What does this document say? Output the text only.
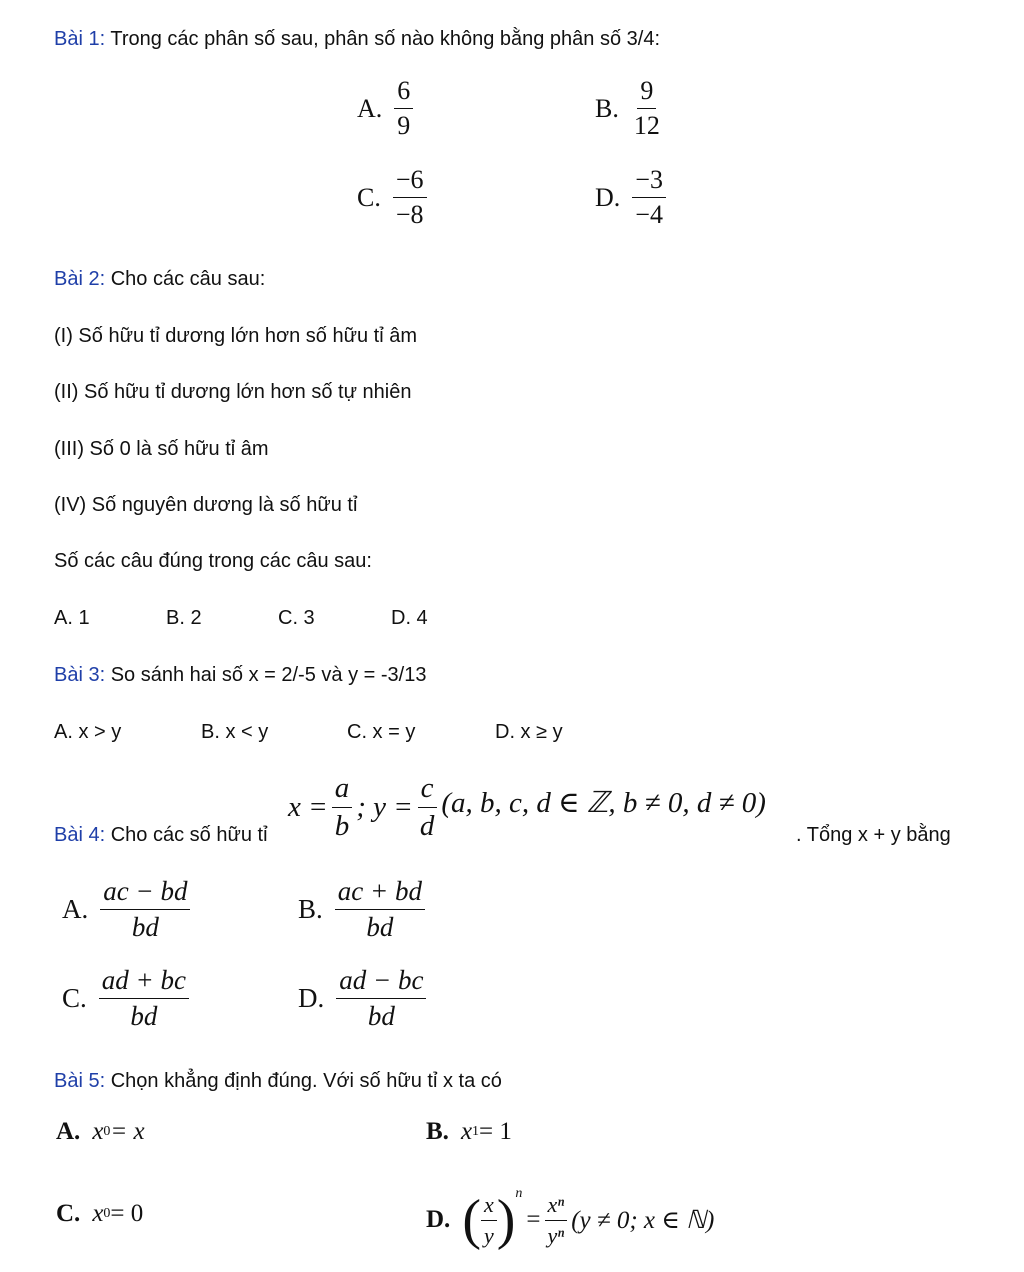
Bài 1: Trong các phân số sau, phân số nào không bằng phân số 3/4:
A. $\frac{6}{9}$	B. $\frac{9}{12}$
C. $\frac{-6}{-8}$	D. $\frac{-3}{-4}$
Bài 2: Cho các câu sau:
(I) Số hữu tỉ dương lớn hơn số hữu tỉ âm
(II) Số hữu tỉ dương lớn hơn số tự nhiên
(III) Số 0 là số hữu tỉ âm
(IV) Số nguyên dương là số hữu tỉ
Số các câu đúng trong các câu sau:
A. 1	B. 2	C. 3	D. 4
Bài 3: So sánh hai số x = 2/-5 và y = -3/13
A. x > y	B. x < y	C. x = y	D. x ≥ y
Bài 4: Cho các số hữu tỉ
$x = \frac{a}{b}$ ; $y = \frac{c}{d} (a$, b, c, d ∈ ℤ, b ≠ 0, d ≠ 0)
. Tổng x + y bằng
A. $\frac{ac - bd}{bd}$	B. $\frac{ac + bd}{bd}$
C. $\frac{ad + bc}{bd}$	D. $\frac{ad - bc}{bd}$
Bài 5: Chọn khẳng định đúng. Với số hữu tỉ x ta có
A. x 0 = x	B. x 1 = 1
C. x 0 = 0	D. ( $\frac{x}{y}$ ) n
= $\frac{\text{xⁿ}}{\text{yⁿ}} (y \ne 0$; x ∈ ℕ)
